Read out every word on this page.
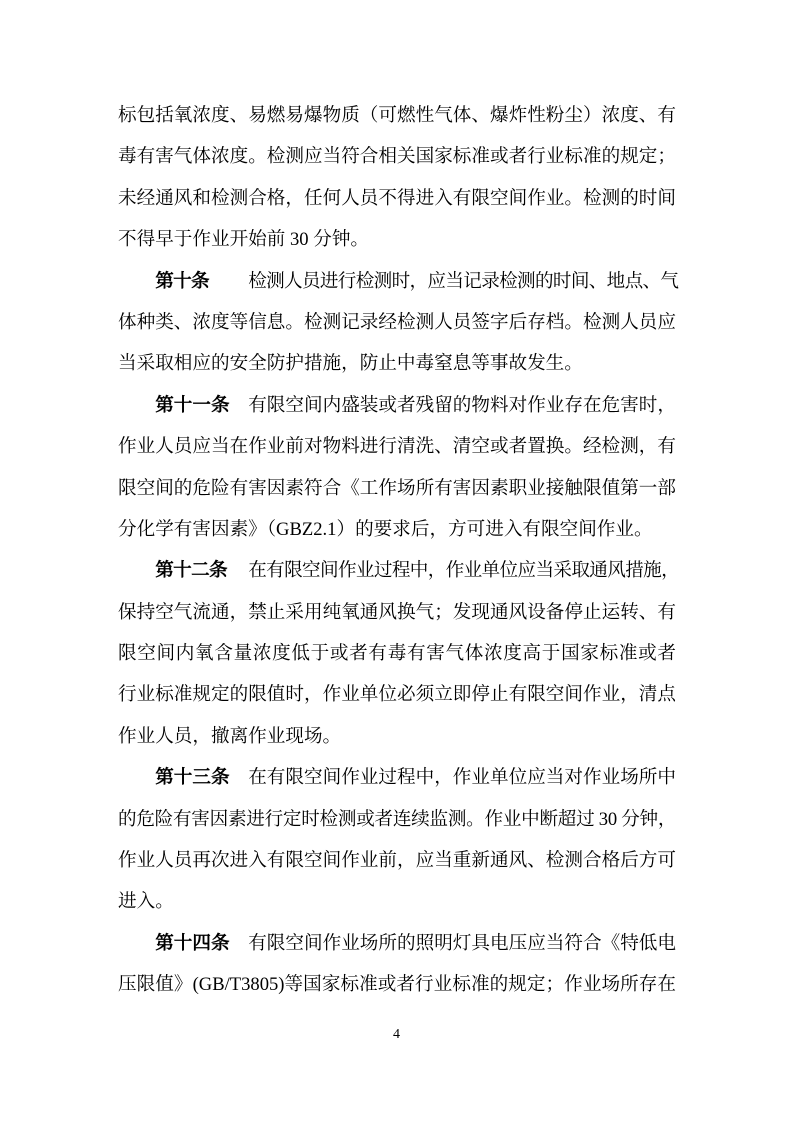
标包括氧浓度、易燃易爆物质（可燃性气体、爆炸性粉尘）浓度、有
毒有害气体浓度。检测应当符合相关国家标准或者行业标准的规定；
未经通风和检测合格，任何人员不得进入有限空间作业。检测的时间
不得早于作业开始前 30 分钟。
第十条 检测人员进行检测时，应当记录检测的时间、地点、气
体种类、浓度等信息。检测记录经检测人员签字后存档。检测人员应
当采取相应的安全防护措施，防止中毒窒息等事故发生。
第十一条 有限空间内盛装或者残留的物料对作业存在危害时，
作业人员应当在作业前对物料进行清洗、清空或者置换。经检测，有
限空间的危险有害因素符合《工作场所有害因素职业接触限值第一部
分化学有害因素》（GBZ2.1）的要求后，方可进入有限空间作业。
第十二条 在有限空间作业过程中，作业单位应当采取通风措施，
保持空气流通，禁止采用纯氧通风换气；发现通风设备停止运转、有
限空间内氧含量浓度低于或者有毒有害气体浓度高于国家标准或者
行业标准规定的限值时，作业单位必须立即停止有限空间作业，清点
作业人员，撤离作业现场。
第十三条 在有限空间作业过程中，作业单位应当对作业场所中
的危险有害因素进行定时检测或者连续监测。作业中断超过 30 分钟，
作业人员再次进入有限空间作业前，应当重新通风、检测合格后方可
进入。
第十四条 有限空间作业场所的照明灯具电压应当符合《特低电
压限值》(GB/T3805)等国家标准或者行业标准的规定；作业场所存在
4
